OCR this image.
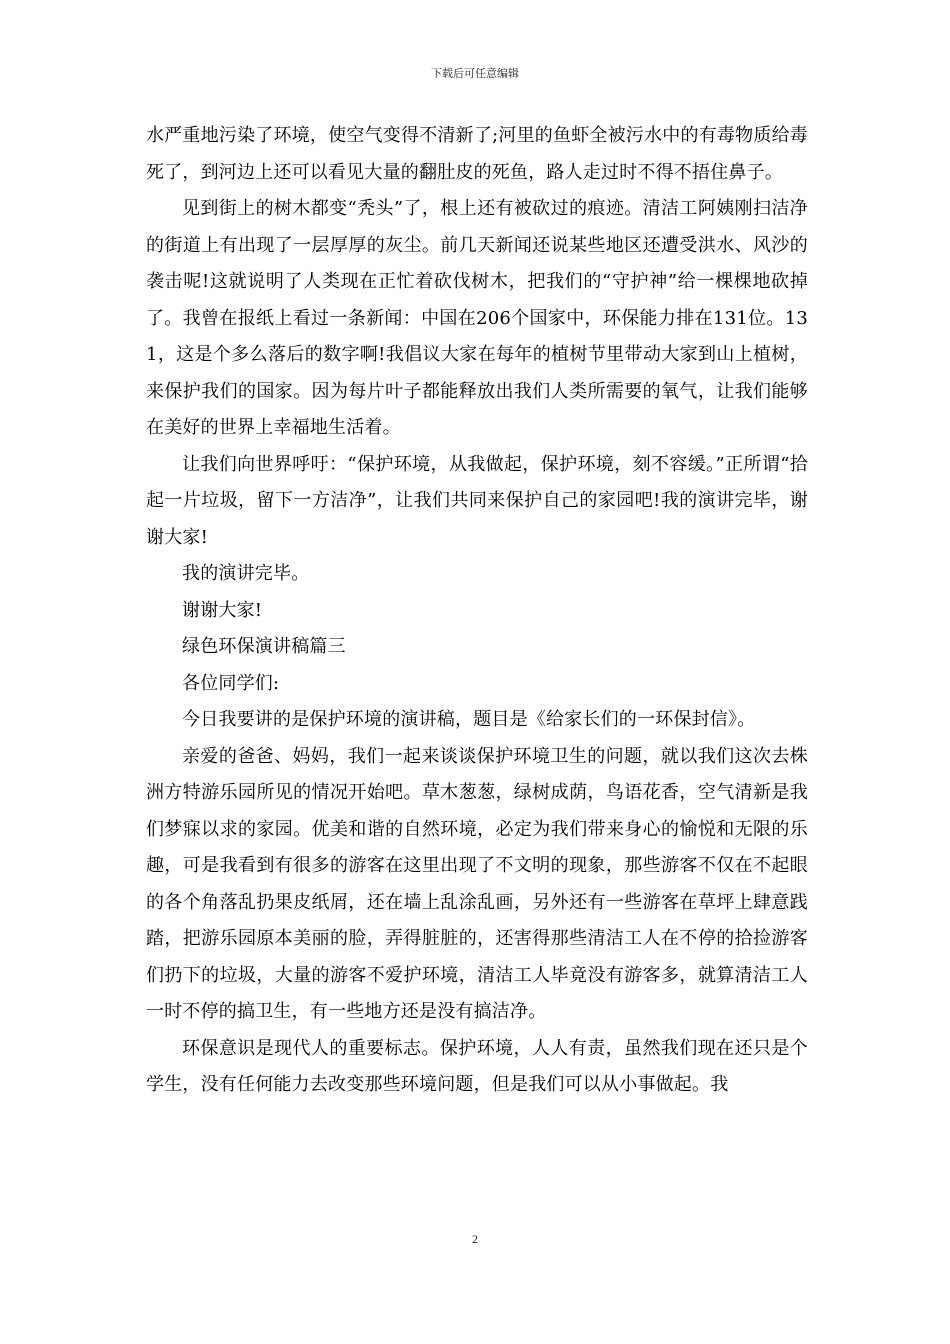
下载后可任意编辑

水严重地污染了环境，使空气变得不清新了;河里的鱼虾全被污水中的有毒物质给毒死了，到河边上还可以看见大量的翻肚皮的死鱼，路人走过时不得不捂住鼻子。

见到街上的树木都变“秃头”了，根上还有被砍过的痕迹。清洁工阿姨刚扫洁净的街道上有出现了一层厚厚的灰尘。前几天新闻还说某些地区还遭受洪水、风沙的袭击呢!这就说明了人类现在正忙着砍伐树木，把我们的“守护神”给一棵棵地砍掉了。我曾在报纸上看过一条新闻：中国在206个国家中，环保能力排在131位。131，这是个多么落后的数字啊!我倡议大家在每年的植树节里带动大家到山上植树，来保护我们的国家。因为每片叶子都能释放出我们人类所需要的氧气，让我们能够在美好的世界上幸福地生活着。

让我们向世界呼吁：“保护环境，从我做起，保护环境，刻不容缓。”正所谓“拾起一片垃圾，留下一方洁净”，让我们共同来保护自己的家园吧!我的演讲完毕，谢谢大家!

我的演讲完毕。

谢谢大家!

绿色环保演讲稿篇三

各位同学们:

今日我要讲的是保护环境的演讲稿，题目是《给家长们的一环保封信》。

亲爱的爸爸、妈妈，我们一起来谈谈保护环境卫生的问题，就以我们这次去株洲方特游乐园所见的情况开始吧。草木葱葱，绿树成荫，鸟语花香，空气清新是我们梦寐以求的家园。优美和谐的自然环境，必定为我们带来身心的愉悦和无限的乐趣，可是我看到有很多的游客在这里出现了不文明的现象，那些游客不仅在不起眼的各个角落乱扔果皮纸屑，还在墙上乱涂乱画，另外还有一些游客在草坪上肆意践踏，把游乐园原本美丽的脸，弄得脏脏的，还害得那些清洁工人在不停的拾捡游客们扔下的垃圾，大量的游客不爱护环境，清洁工人毕竟没有游客多，就算清洁工人一时不停的搞卫生，有一些地方还是没有搞洁净。

环保意识是现代人的重要标志。保护环境，人人有责，虽然我们现在还只是个学生，没有任何能力去改变那些环境问题，但是我们可以从小事做起。我

2
